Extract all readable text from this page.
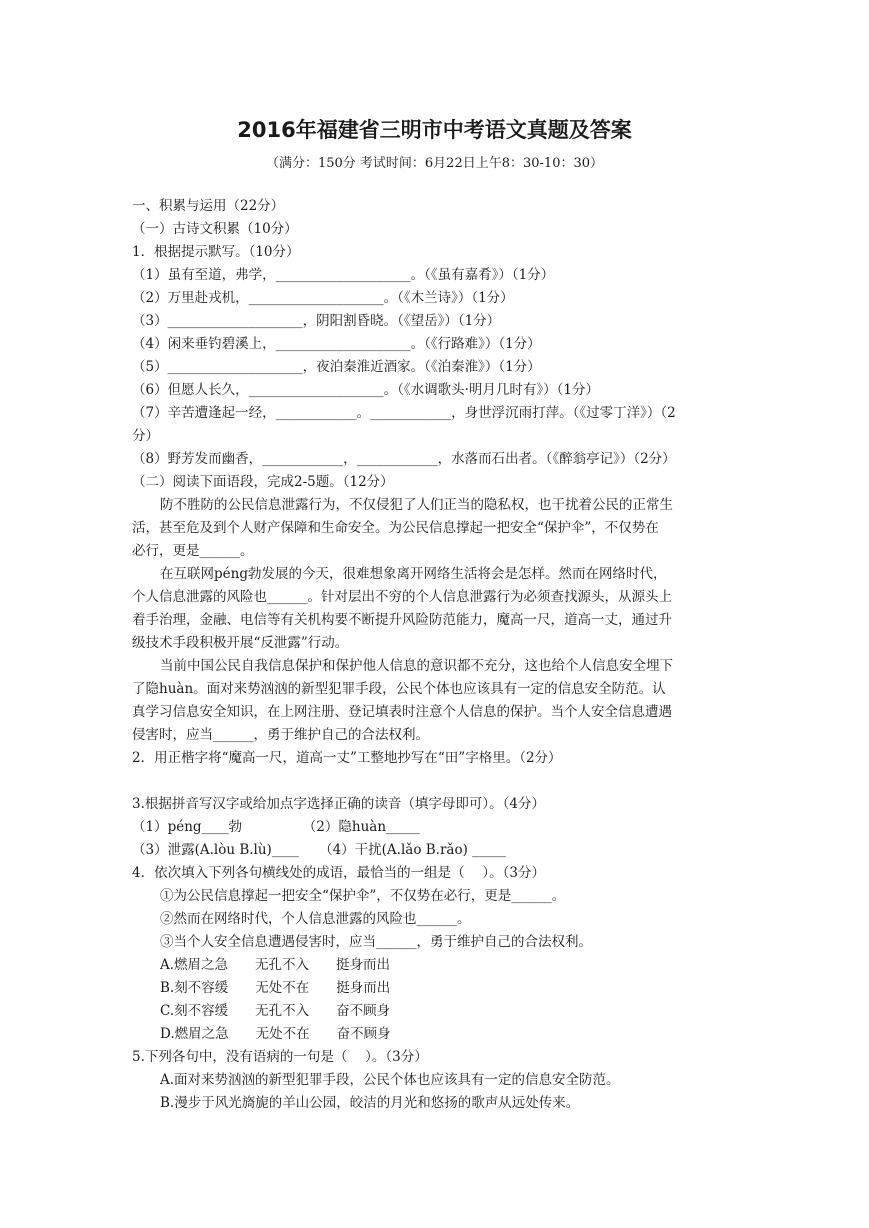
2016年福建省三明市中考语文真题及答案
（满分：150分 考试时间：6月22日上午8：30-10：30）
一、积累与运用（22分）
（一）古诗文积累（10分）
1．根据提示默写。（10分）
（1）虽有至道，弗学，____________________。（《虽有嘉肴》）（1分）
（2）万里赴戎机，____________________。（《木兰诗》）（1分）
（3）____________________，阴阳割昏晓。（《望岳》）（1分）
（4）闲来垂钓碧溪上，____________________。（《行路难》）（1分）
（5）____________________，夜泊秦淮近酒家。（《泊秦淮》）（1分）
（6）但愿人长久，____________________。（《水调歌头·明月几时有》）（1分）
（7）辛苦遭逢起一经，____________。____________，身世浮沉雨打萍。（《过零丁洋》）（2
分）
（8）野芳发而幽香，____________，____________，水落而石出者。（《醉翁亭记》）（2分）
（二）阅读下面语段，完成2-5题。（12分）
防不胜防的公民信息泄露行为，不仅侵犯了人们正当的隐私权，也干扰着公民的正常生
活，甚至危及到个人财产保障和生命安全。为公民信息撑起一把安全“保护伞”，不仅势在
必行，更是______。
在互联网péng勃发展的今天，很难想象离开网络生活将会是怎样。然而在网络时代，
个人信息泄露的风险也______。针对层出不穷的个人信息泄露行为必须查找源头，从源头上
着手治理，金融、电信等有关机构要不断提升风险防范能力，魔高一尺，道高一丈，通过升
级技术手段积极开展“反泄露”行动。
当前中国公民自我信息保护和保护他人信息的意识都不充分，这也给个人信息安全埋下
了隐huàn。面对来势汹汹的新型犯罪手段，公民个体也应该具有一定的信息安全防范。认
真学习信息安全知识，在上网注册、登记填表时注意个人信息的保护。当个人安全信息遭遇
侵害时，应当______，勇于维护自己的合法权利。
2．用正楷字将“魔高一尺，道高一丈”工整地抄写在“田”字格里。（2分）
3.根据拼音写汉字或给加点字选择正确的读音（填字母即可）。（4分）
（1）péng____勃　　　　　（2）隐huàn_____
（3）泄露(A.lòu B.lù)____　　（4）干扰(A.lǎo B.rǎo) _____
4．依次填入下列各句横线处的成语，最恰当的一组是（　 ）。（3分）
①为公民信息撑起一把安全“保护伞”，不仅势在必行，更是______。
②然而在网络时代，个人信息泄露的风险也______。
③当个人安全信息遭遇侵害时，应当______，勇于维护自己的合法权利。
A.燃眉之急　　无孔不入　　挺身而出
B.刻不容缓　　无处不在　　挺身而出
C.刻不容缓　　无孔不入　　奋不顾身
D.燃眉之急　　无处不在　　奋不顾身
5.下列各句中，没有语病的一句是（　 ）。（3分）
A.面对来势汹汹的新型犯罪手段，公民个体也应该具有一定的信息安全防范。
B.漫步于风光旖旎的羊山公园，皎洁的月光和悠扬的歌声从远处传来。
